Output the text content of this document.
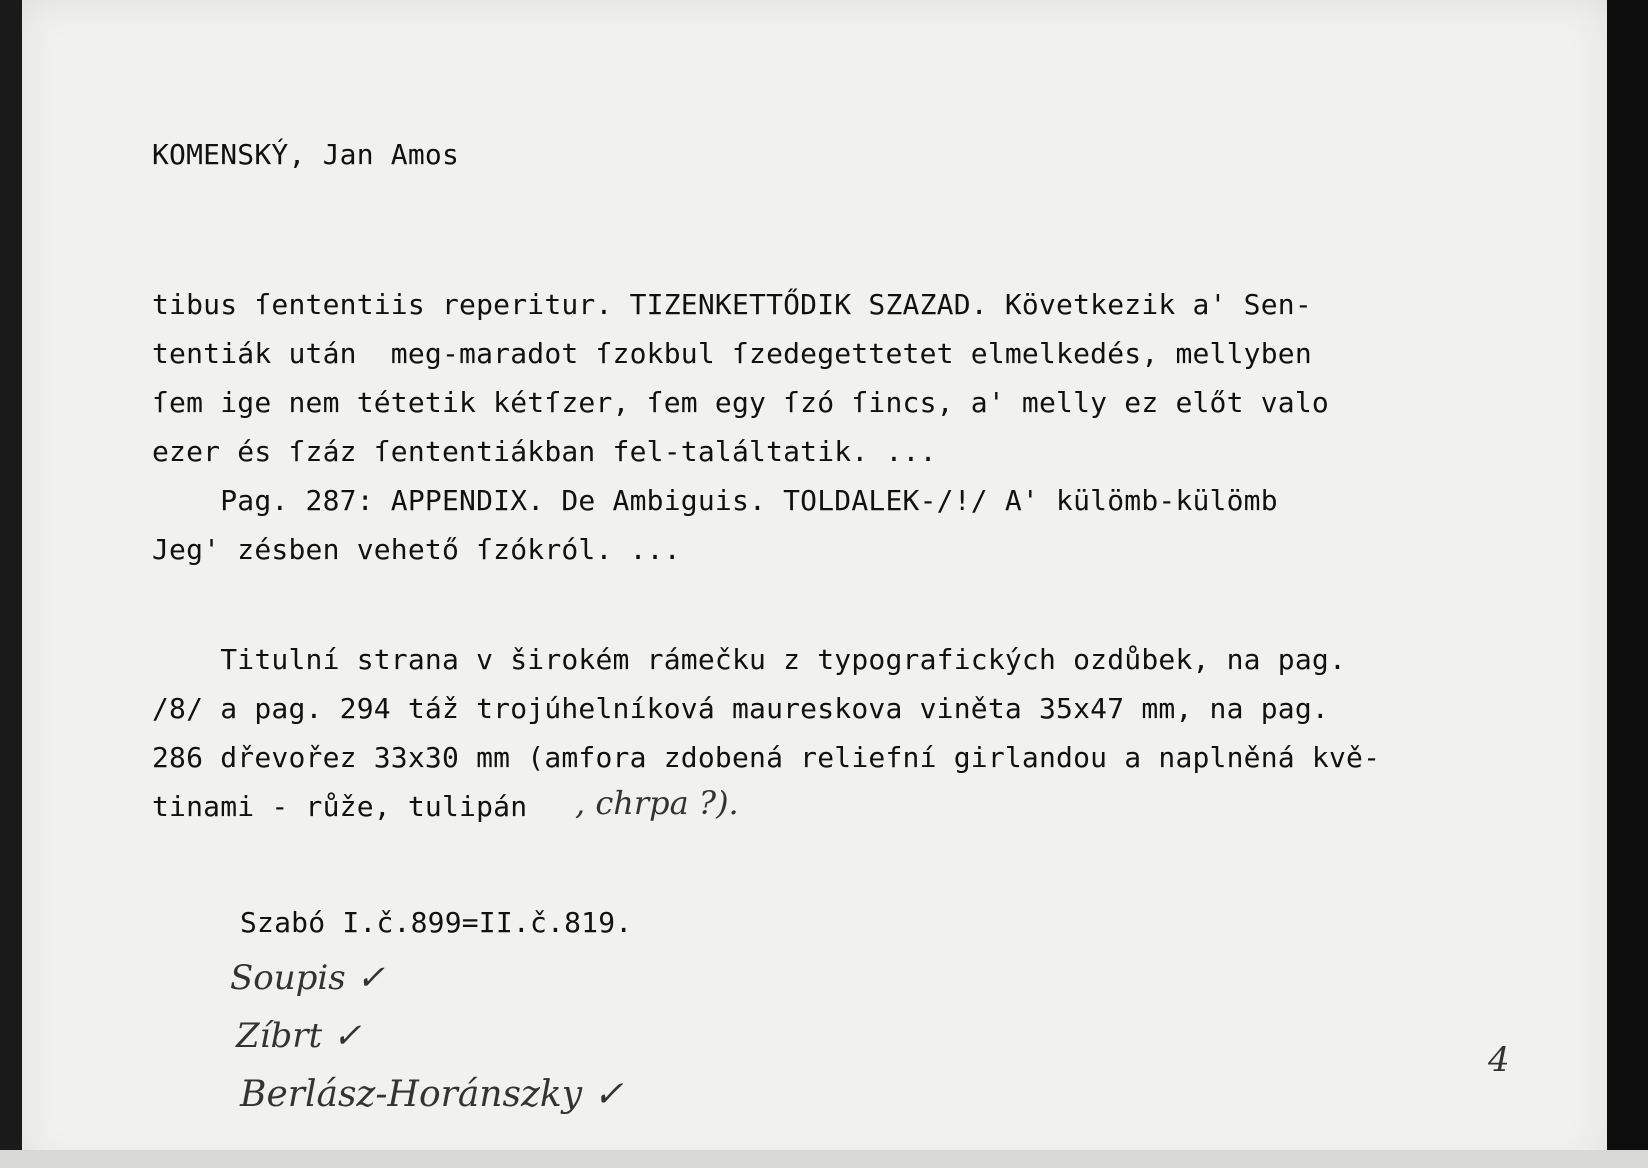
KOMENSKÝ, Jan Amos
tibus ſententiis reperitur. TIZENKETTŐDIK SZAZAD. Következik a' Sen-
tentiák után  meg-maradot ſzokbul ſzedegettetet elmelkedés, mellyben
ſem ige nem tétetik kétſzer, ſem egy ſzó ſincs, a' melly ez előt valo
ezer és ſzáz ſententiákban fel-találtatik. ...
Pag. 287: APPENDIX. De Ambiguis. TOLDALEK-/!/ A' külömb-külömb
Jeg' zésben vehető ſzókról. ...
Titulní strana v širokém rámečku z typografických ozdůbek, na pag.
/8/ a pag. 294 táž trojúhelníková maureskova viněta 35x47 mm, na pag.
286 dřevořez 33x30 mm (amfora zdobená reliefní girlandou a naplněná kvě-
tinami - růže, tulipán , chrpa ?).
Szabó I.č.899=II.č.819.
Soupis ✓
Zíbrt ✓
Berlász-Horánszky ✓
4
